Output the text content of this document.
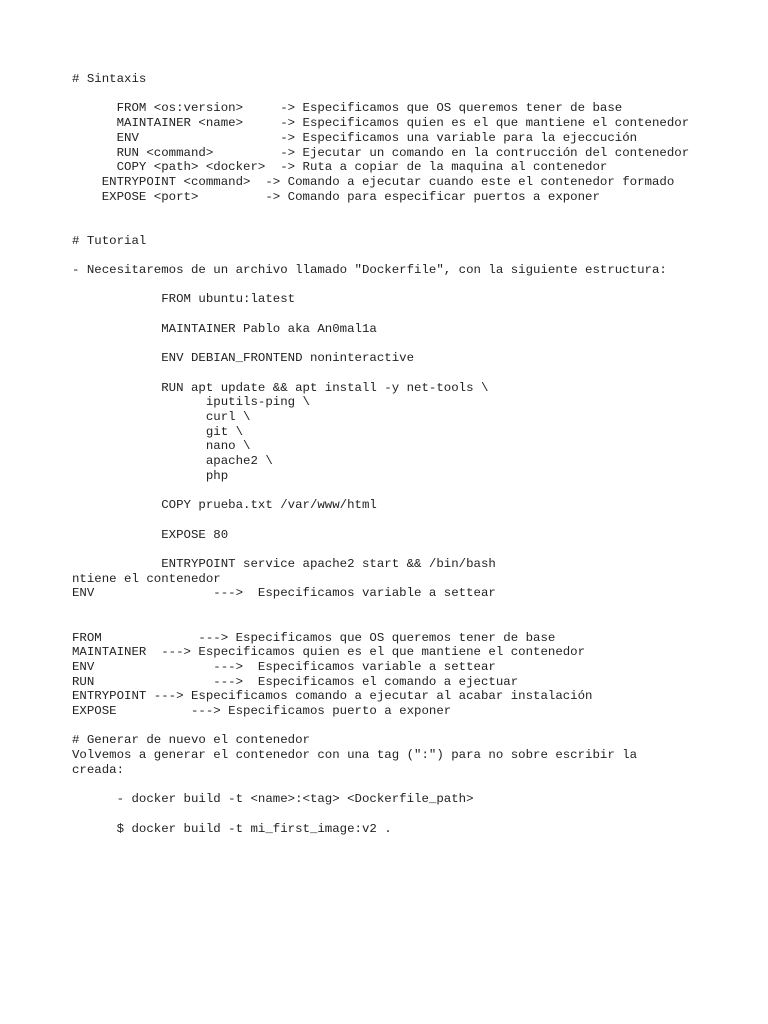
# Sintaxis
FROM <os:version>     -> Especificamos que OS queremos tener de base
MAINTAINER <name>     -> Especificamos quien es el que mantiene el contenedor
ENV                   -> Especificamos una variable para la ejeccución
RUN <command>         -> Ejecutar un comando en la contrucción del contenedor
COPY <path> <docker>  -> Ruta a copiar de la maquina al contenedor
ENTRYPOINT <command>  -> Comando a ejecutar cuando este el contenedor formado
EXPOSE <port>         -> Comando para especificar puertos a exponer
# Tutorial
- Necesitaremos de un archivo llamado "Dockerfile", con la siguiente estructura:
FROM ubuntu:latest
MAINTAINER Pablo aka An0mal1a
ENV DEBIAN_FRONTEND noninteractive
RUN apt update && apt install -y net-tools \
iputils-ping \
curl \
git \
nano \
apache2 \
php
COPY prueba.txt /var/www/html
EXPOSE 80
ENTRYPOINT service apache2 start && /bin/bash
ntiene el contenedor
ENV                --->  Especificamos variable a settear
FROM             ---> Especificamos que OS queremos tener de base
MAINTAINER  ---> Especificamos quien es el que mantiene el contenedor
ENV                --->  Especificamos variable a settear
RUN                --->  Especificamos el comando a ejectuar
ENTRYPOINT ---> Especificamos comando a ejecutar al acabar instalación
EXPOSE          ---> Especificamos puerto a exponer
# Generar de nuevo el contenedor
Volvemos a generar el contenedor con una tag (":") para no sobre escribir la
creada:
- docker build -t <name>:<tag> <Dockerfile_path>
$ docker build -t mi_first_image:v2 .
